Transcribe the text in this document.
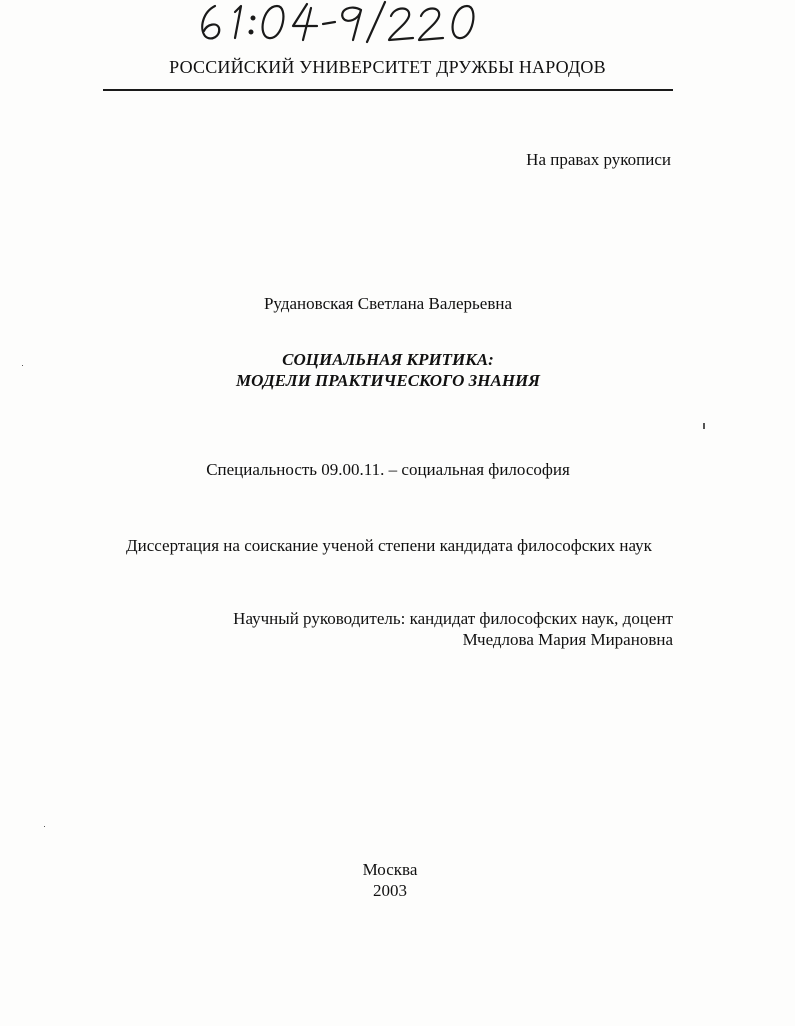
РОССИЙСКИЙ УНИВЕРСИТЕТ ДРУЖБЫ НАРОДОВ
На правах рукописи
Рудановская Светлана Валерьевна
СОЦИАЛЬНАЯ КРИТИКА:
МОДЕЛИ ПРАКТИЧЕСКОГО ЗНАНИЯ
Специальность 09.00.11. – социальная философия
Диссертация на соискание ученой степени кандидата философских наук
Научный руководитель: кандидат философских наук, доцент
Мчедлова Мария Мирановна
Москва
2003
